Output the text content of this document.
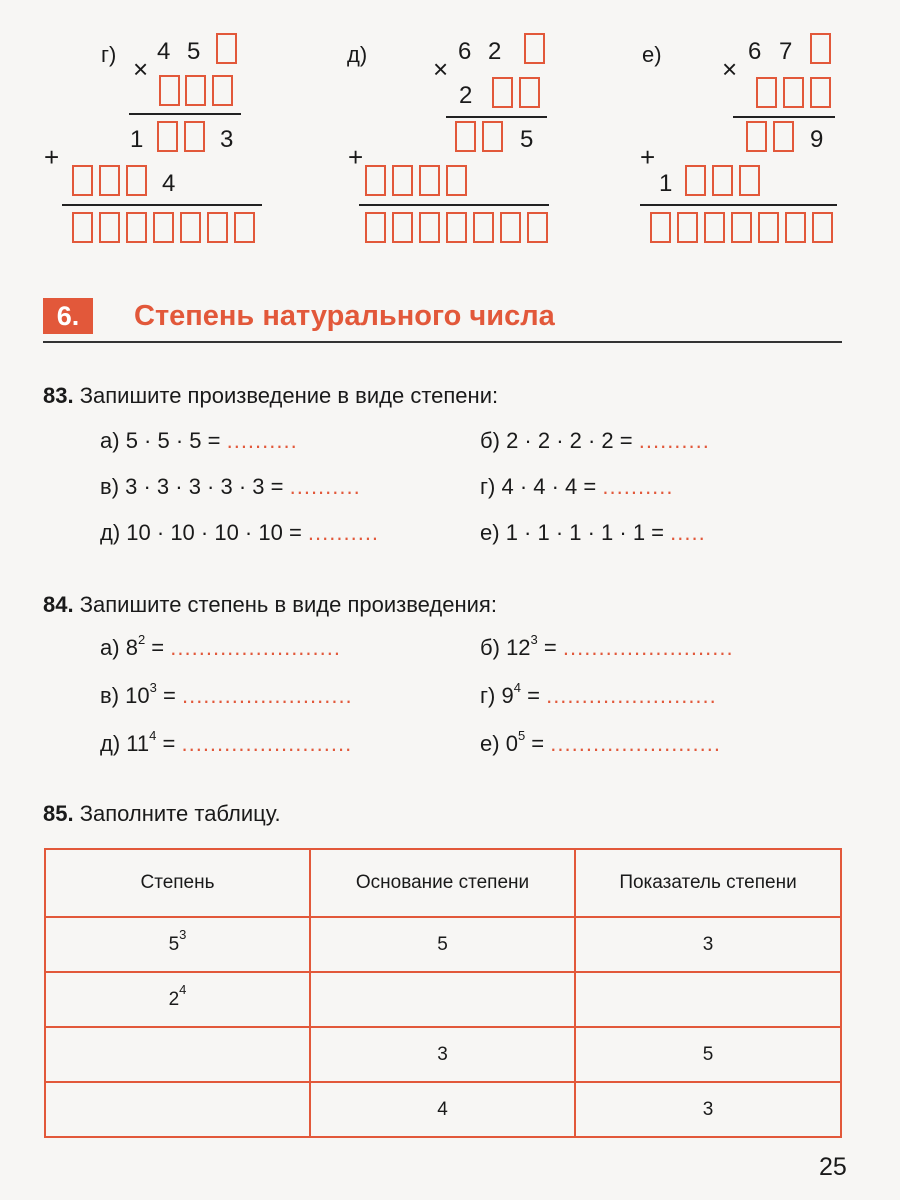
г) ×
4 5
1	3
+
4
д)	×
6 2
2
5
+
е) ×
6 7
9
+
1
6.	Степень натурального числа
83. Запишите произведение в виде степени:
а) 5 · 5 · 5 = ..........	б) 2 · 2 · 2 · 2 = ..........
в) 3 · 3 · 3 · 3 · 3 = ..........	г) 4 · 4 · 4 = ..........
д) 10 · 10 · 10 · 10 = ..........	е) 1 · 1 · 1 · 1 · 1 = .....
84. Запишите степень в виде произведения:
а) $8^2$ = ........................	б) $12^3$ = ........................
в) $10^3$ = ........................	г) $9^4$ = ........................
д) $11^4$ = ........................	е) $0^5$ = ........................
85. Заполните таблицу.
Степень	Основание степени	Показатель степени
$5^3$	5	3
$2^4$		
	3	5
	4	3
25
